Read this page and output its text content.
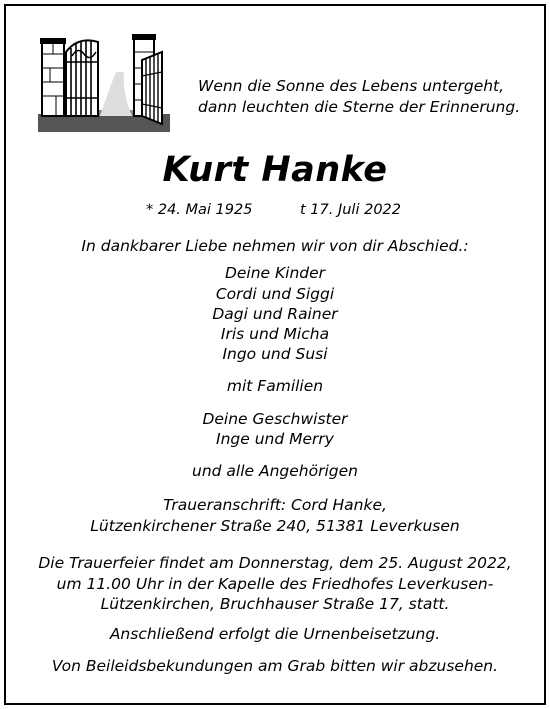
Wenn die Sonne des Lebens untergeht,
dann leuchten die Sterne der Erinnerung.
Kurt Hanke
* 24. Mai 1925	t 17. Juli 2022
In dankbarer Liebe nehmen wir von dir Abschied.:
Deine Kinder
Cordi und Siggi
Dagi und Rainer
Iris und Micha
Ingo und Susi
mit Familien
Deine Geschwister
Inge und Merry
und alle Angehörigen
Traueranschrift: Cord Hanke,
Lützenkirchener Straße 240, 51381 Leverkusen
Die Trauerfeier findet am Donnerstag, dem 25. August 2022,
um 11.00 Uhr in der Kapelle des Friedhofes Leverkusen-
Lützenkirchen, Bruchhauser Straße 17, statt.
Anschließend erfolgt die Urnenbeisetzung.
Von Beileidsbekundungen am Grab bitten wir abzusehen.
